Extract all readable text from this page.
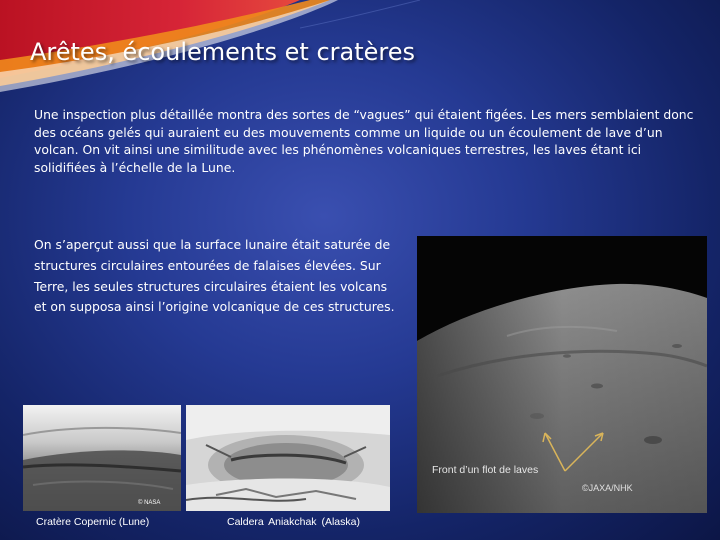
Arêtes, écoulements et cratères

Une inspection plus détaillée montra des sortes de “vagues” qui étaient figées. Les mers semblaient donc des océans gelés qui auraient eu des mouvements comme un liquide ou un écoulement de lave d’un volcan. On vit ainsi une similitude avec les phénomènes volcaniques terrestres, les laves étant ici solidifiées à l’échelle de la Lune.

On s’aperçut aussi que la surface lunaire était saturée de structures circulaires entourées de falaises élevées. Sur Terre, les seules structures circulaires étaient les volcans et on supposa ainsi l’origine volcanique de ces structures.

Front d’un flot de laves
©JAXA/NHK
© NASA
Cratère Copernic (Lune)	Caldera Aniakchak (Alaska)
